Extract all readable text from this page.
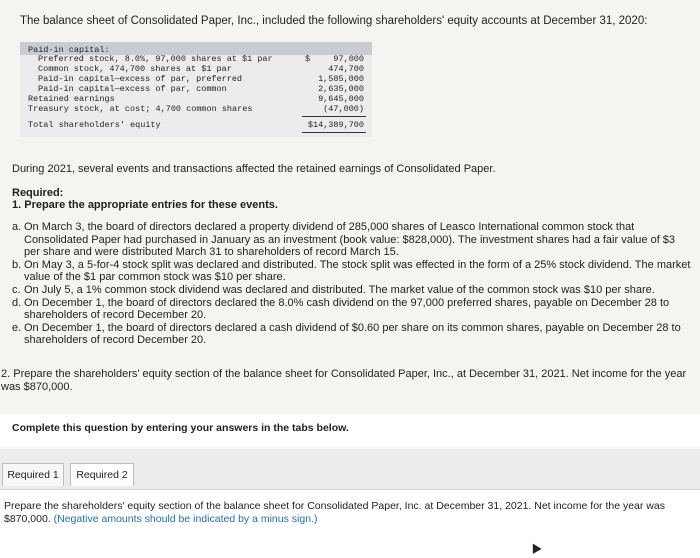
The balance sheet of Consolidated Paper, Inc., included the following shareholders' equity accounts at December 31, 2020:
Paid-in capital:
Preferred stock, 8.0%, 97,000 shares at $1 par	$	97,000
Common stock, 474,700 shares at $1 par	474,700
Paid-in capital—excess of par, preferred	1,585,000
Paid-in capital—excess of par, common	2,635,000
Retained earnings	9,645,000
Treasury stock, at cost; 4,700 common shares	(47,000)
Total shareholders' equity	$14,389,700
During 2021, several events and transactions affected the retained earnings of Consolidated Paper.
Required:
1. Prepare the appropriate entries for these events.
a. On March 3, the board of directors declared a property dividend of 285,000 shares of Leasco International common stock that Consolidated Paper had purchased in January as an investment (book value: $828,000). The investment shares had a fair value of $3 per share and were distributed March 31 to shareholders of record March 15.
b. On May 3, a 5-for-4 stock split was declared and distributed. The stock split was effected in the form of a 25% stock dividend. The market value of the $1 par common stock was $10 per share.
c. On July 5, a 1% common stock dividend was declared and distributed. The market value of the common stock was $10 per share.
d. On December 1, the board of directors declared the 8.0% cash dividend on the 97,000 preferred shares, payable on December 28 to shareholders of record December 20.
e. On December 1, the board of directors declared a cash dividend of $0.60 per share on its common shares, payable on December 28 to shareholders of record December 20.
2. Prepare the shareholders' equity section of the balance sheet for Consolidated Paper, Inc., at December 31, 2021. Net income for the year was $870,000.
Complete this question by entering your answers in the tabs below.
Required 1	Required 2
Prepare the shareholders' equity section of the balance sheet for Consolidated Paper, Inc. at December 31, 2021. Net income for the year was $870,000. (Negative amounts should be indicated by a minus sign.)
